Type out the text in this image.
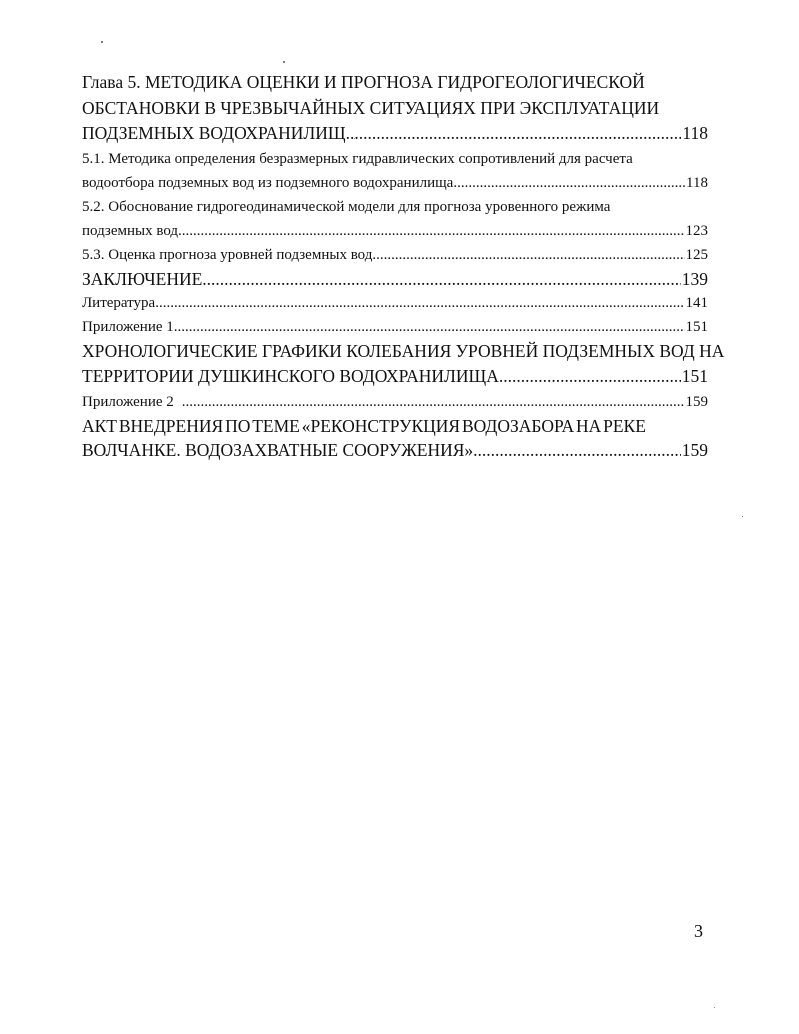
Глава 5. МЕТОДИКА ОЦЕНКИ И ПРОГНОЗА ГИДРОГЕОЛОГИЧЕСКОЙ
ОБСТАНОВКИ В ЧРЕЗВЫЧАЙНЫХ СИТУАЦИЯХ ПРИ ЭКСПЛУАТАЦИИ
ПОДЗЕМНЫХ ВОДОХРАНИЛИЩ .....	118
5.1. Методика определения безразмерных гидравлических сопротивлений для расчета
водоотбора подземных вод из подземного водохранилища .....	118
5.2. Обоснование гидрогеодинамической модели для прогноза уровенного режима
подземных вод .....	123
5.3. Оценка прогноза уровней подземных вод .....	125
ЗАКЛЮЧЕНИЕ .....	139
Литература .....	141
Приложение 1 .....	151
ХРОНОЛОГИЧЕСКИЕ ГРАФИКИ КОЛЕБАНИЯ УРОВНЕЙ ПОДЗЕМНЫХ ВОД НА
ТЕРРИТОРИИ ДУШКИНСКОГО ВОДОХРАНИЛИЩА .....	151
Приложение 2 .....	159
АКТ ВНЕДРЕНИЯ ПО ТЕМЕ «РЕКОНСТРУКЦИЯ ВОДОЗАБОРА НА РЕКЕ
ВОЛЧАНКЕ. ВОДОЗАХВАТНЫЕ СООРУЖЕНИЯ» .....	159
3
